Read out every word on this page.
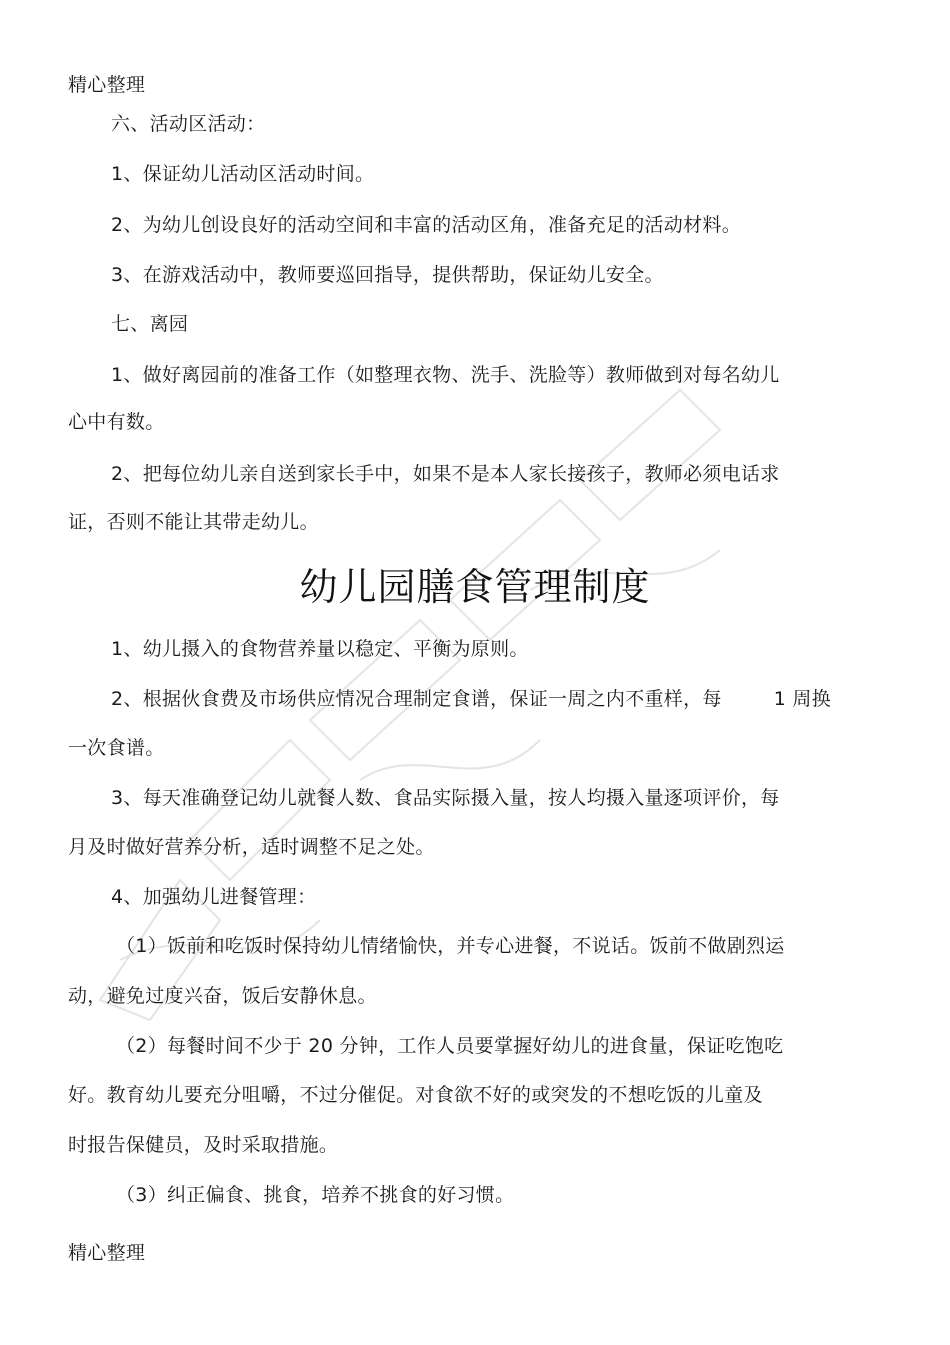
精心整理
六、活动区活动：
1、保证幼儿活动区活动时间。
2、为幼儿创设良好的活动空间和丰富的活动区角，准备充足的活动材料。
3、在游戏活动中，教师要巡回指导，提供帮助，保证幼儿安全。
七、离园
1、做好离园前的准备工作（如整理衣物、洗手、洗脸等）教师做到对每名幼儿
心中有数。
2、把每位幼儿亲自送到家长手中，如果不是本人家长接孩子，教师必须电话求
证，否则不能让其带走幼儿。
幼儿园膳食管理制度
1、幼儿摄入的食物营养量以稳定、平衡为原则。
2、根据伙食费及市场供应情况合理制定食谱，保证一周之内不重样，每	1 周换
一次食谱。
3、每天准确登记幼儿就餐人数、食品实际摄入量，按人均摄入量逐项评价，每
月及时做好营养分析，适时调整不足之处。
4、加强幼儿进餐管理：
（1）饭前和吃饭时保持幼儿情绪愉快，并专心进餐，不说话。饭前不做剧烈运
动，避免过度兴奋，饭后安静休息。
（2）每餐时间不少于 20 分钟，工作人员要掌握好幼儿的进食量，保证吃饱吃
好。教育幼儿要充分咀嚼，不过分催促。对食欲不好的或突发的不想吃饭的儿童及
时报告保健员，及时采取措施。
（3）纠正偏食、挑食，培养不挑食的好习惯。
精心整理
